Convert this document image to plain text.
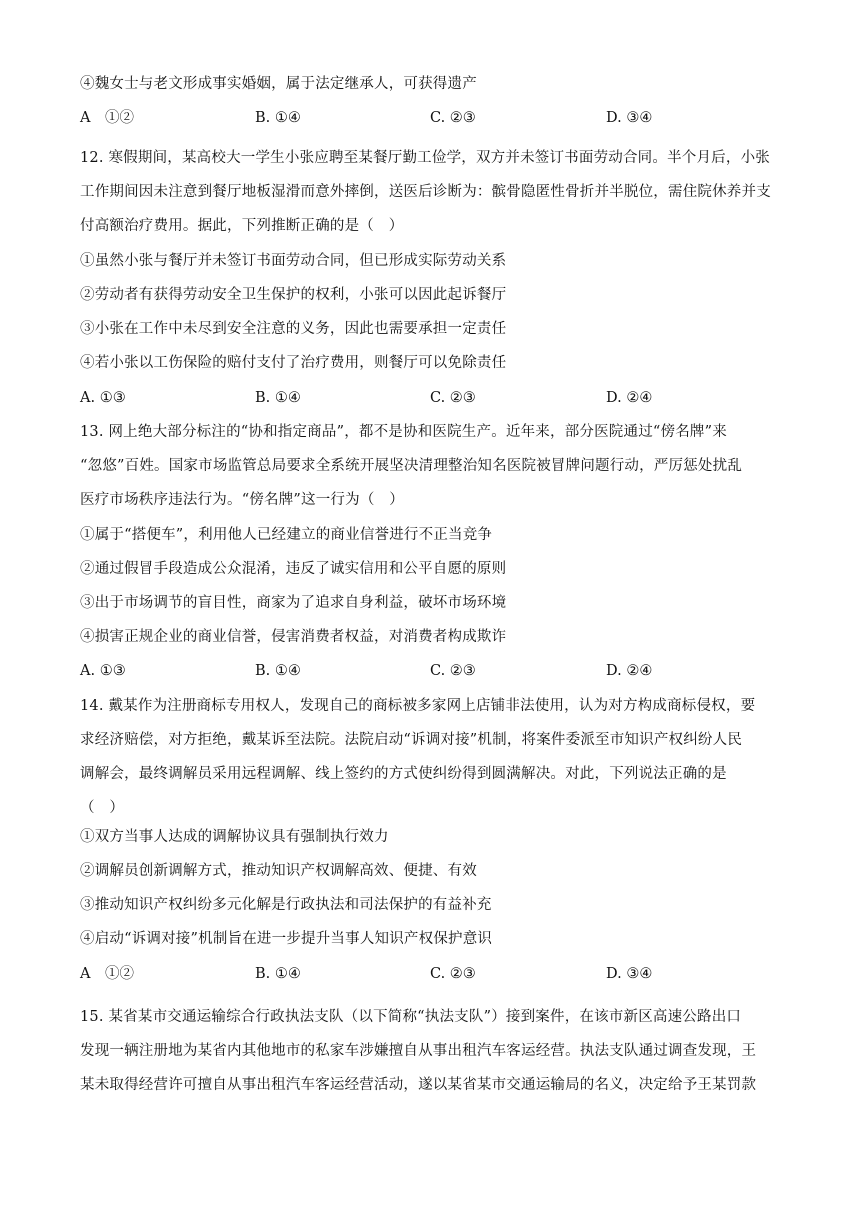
④魏女士与老文形成事实婚姻，属于法定继承人，可获得遗产
A　①②	B. ①④	C. ②③	D. ③④
12. 寒假期间，某高校大一学生小张应聘至某餐厅勤工俭学，双方并未签订书面劳动合同。半个月后，小张
工作期间因未注意到餐厅地板湿滑而意外摔倒，送医后诊断为：髌骨隐匿性骨折并半脱位，需住院休养并支
付高额治疗费用。据此，下列推断正确的是（　）
①虽然小张与餐厅并未签订书面劳动合同，但已形成实际劳动关系
②劳动者有获得劳动安全卫生保护的权利，小张可以因此起诉餐厅
③小张在工作中未尽到安全注意的义务，因此也需要承担一定责任
④若小张以工伤保险的赔付支付了治疗费用，则餐厅可以免除责任
A. ①③	B. ①④	C. ②③	D. ②④
13. 网上绝大部分标注的“协和指定商品”，都不是协和医院生产。近年来，部分医院通过“傍名牌”来
“忽悠”百姓。国家市场监管总局要求全系统开展坚决清理整治知名医院被冒牌问题行动，严厉惩处扰乱
医疗市场秩序违法行为。“傍名牌”这一行为（　）
①属于“搭便车”，利用他人已经建立的商业信誉进行不正当竞争
②通过假冒手段造成公众混淆，违反了诚实信用和公平自愿的原则
③出于市场调节的盲目性，商家为了追求自身利益，破坏市场环境
④损害正规企业的商业信誉，侵害消费者权益，对消费者构成欺诈
A. ①③	B. ①④	C. ②③	D. ②④
14. 戴某作为注册商标专用权人，发现自己的商标被多家网上店铺非法使用，认为对方构成商标侵权，要
求经济赔偿，对方拒绝，戴某诉至法院。法院启动“诉调对接”机制，将案件委派至市知识产权纠纷人民
调解会，最终调解员采用远程调解、线上签约的方式使纠纷得到圆满解决。对此，下列说法正确的是
（　）
①双方当事人达成的调解协议具有强制执行效力
②调解员创新调解方式，推动知识产权调解高效、便捷、有效
③推动知识产权纠纷多元化解是行政执法和司法保护的有益补充
④启动“诉调对接”机制旨在进一步提升当事人知识产权保护意识
A　①②	B. ①④	C. ②③	D. ③④
15. 某省某市交通运输综合行政执法支队（以下简称“执法支队”）接到案件，在该市新区高速公路出口
发现一辆注册地为某省内其他地市的私家车涉嫌擅自从事出租汽车客运经营。执法支队通过调查发现，王
某未取得经营许可擅自从事出租汽车客运经营活动，遂以某省某市交通运输局的名义，决定给予王某罚款
